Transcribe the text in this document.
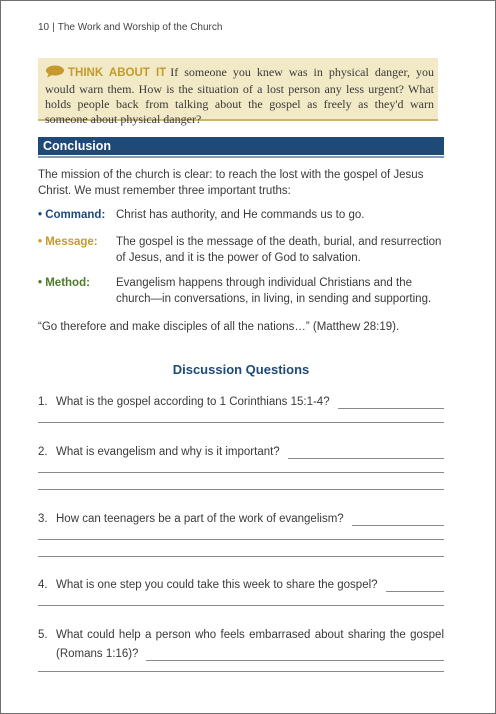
10 | The Work and Worship of the Church
THINK ABOUT IT If someone you knew was in physical danger, you would warn them. How is the situation of a lost person any less urgent? What holds people back from talking about the gospel as freely as they'd warn someone about physical danger?
Conclusion
The mission of the church is clear: to reach the lost with the gospel of Jesus Christ. We must remember three important truths:
• Command: Christ has authority, and He commands us to go.
• Message: The gospel is the message of the death, burial, and resurrection of Jesus, and it is the power of God to salvation.
• Method: Evangelism happens through individual Christians and the church—in conversations, in living, in sending and supporting.
“Go therefore and make disciples of all the nations…” (Matthew 28:19).
Discussion Questions
1. What is the gospel according to 1 Corinthians 15:1-4?
2. What is evangelism and why is it important?
3. How can teenagers be a part of the work of evangelism?
4. What is one step you could take this week to share the gospel?
5. What could help a person who feels embarrased about sharing the gospel
(Romans 1:16)?
